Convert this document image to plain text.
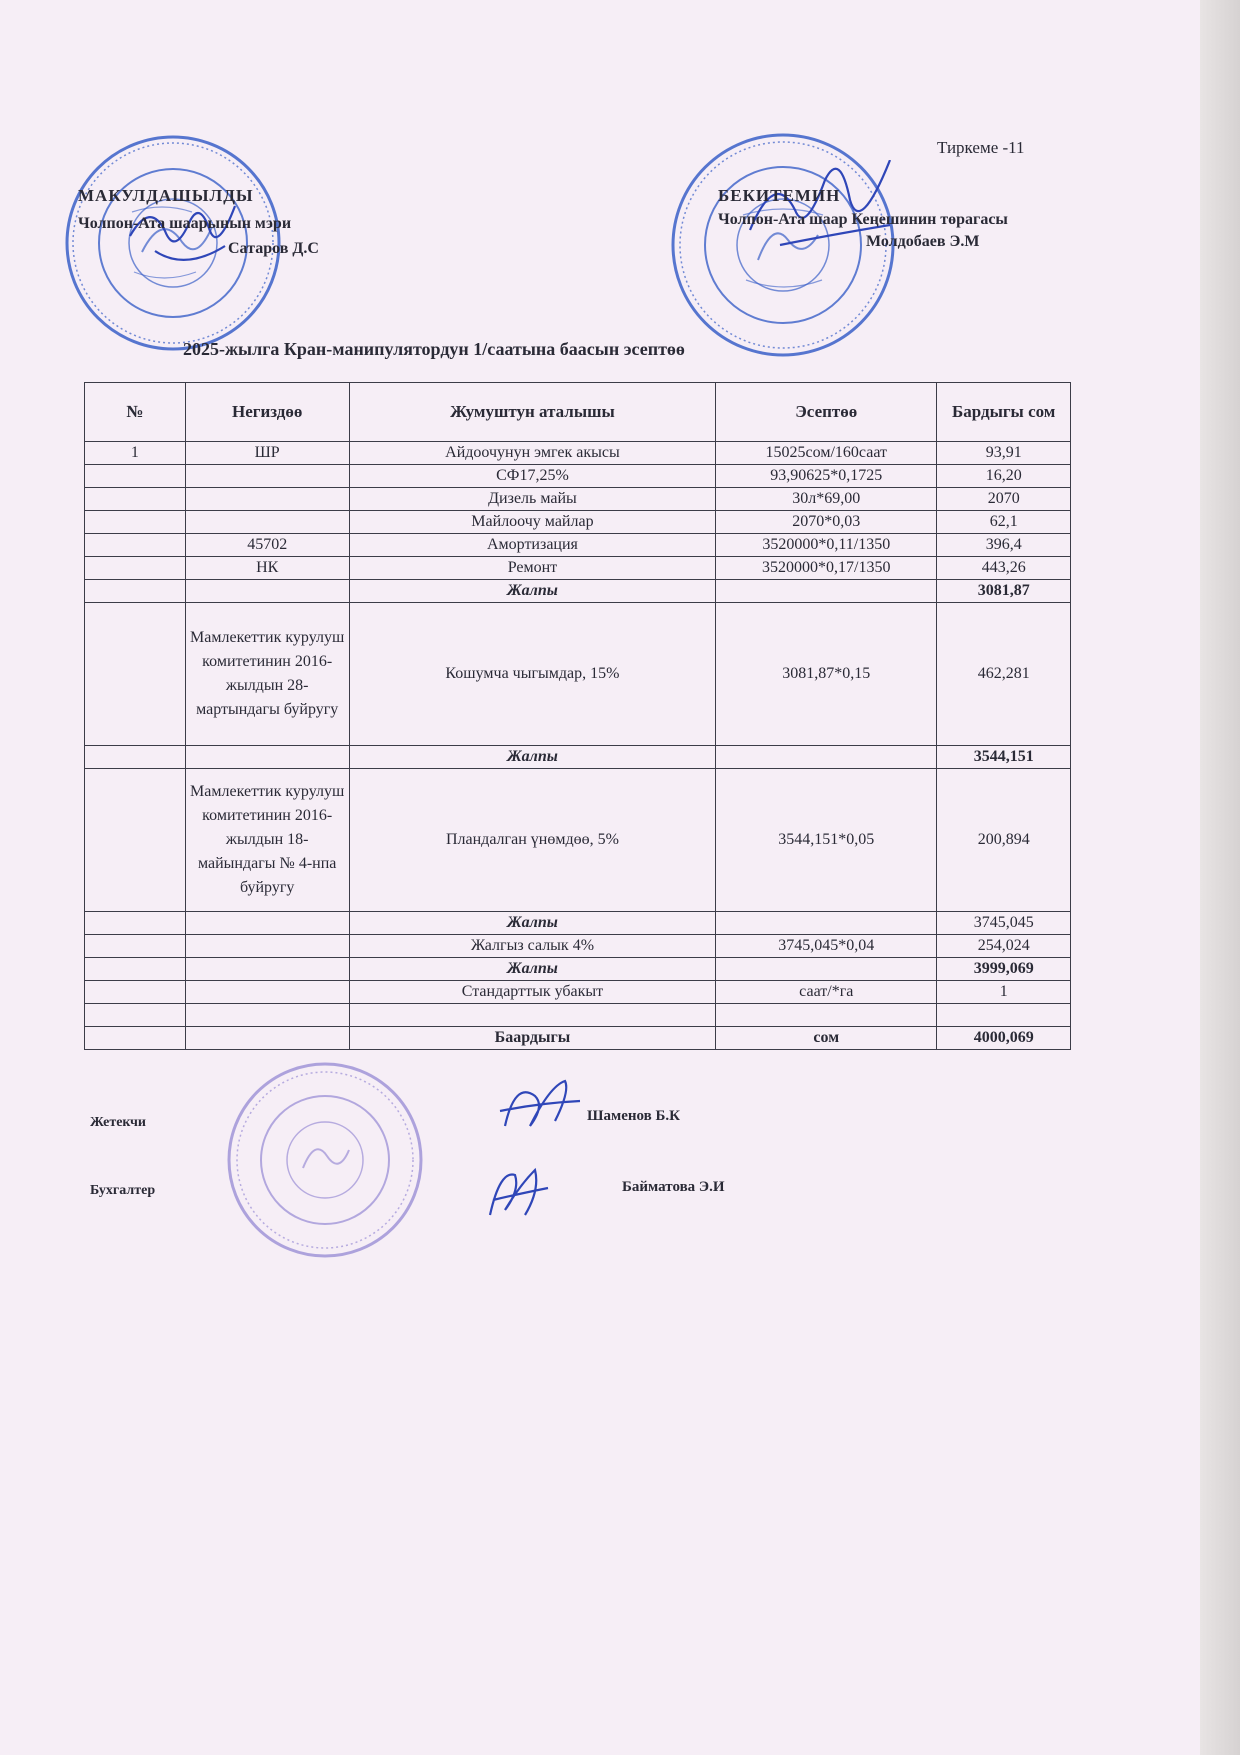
Тиркеме -11
МАКУЛДАШЫЛДЫ
Чолпон-Ата шаарынын мэри
Сатаров Д.С
БЕКИТЕМИН
Чолпон-Ата шаар Кеңешинин төрагасы
Молдобаев Э.М
2025-жылга Кран-манипулятордун 1/саатына баасын эсептөө
№	Негиздөө	Жумуштун аталышы	Эсептөө	Бардыгы сом
1	ШР	Айдоочунун эмгек акысы	15025сом/160саат	93,91
		СФ17,25%	93,90625*0,1725	16,20
		Дизель майы	30л*69,00	2070
		Майлоочу майлар	2070*0,03	62,1
	45702	Амортизация	3520000*0,11/1350	396,4
	НК	Ремонт	3520000*0,17/1350	443,26
		Жалпы		3081,87
	Мамлекеттик курулуш комитетинин 2016-жылдын 28-мартындагы буйругу	Кошумча чыгымдар, 15%	3081,87*0,15	462,281
		Жалпы		3544,151
	Мамлекеттик курулуш комитетинин 2016-жылдын 18-майындагы № 4-нпа буйругу	Пландалган үнөмдөө, 5%	3544,151*0,05	200,894
		Жалпы		3745,045
		Жалгыз салык 4%	3745,045*0,04	254,024
		Жалпы		3999,069
		Стандарттык убакыт	саат/*га	1

		Баардыгы	сом	4000,069
Жетекчи	Шаменов Б.К
Бухгалтер	Байматова Э.И
